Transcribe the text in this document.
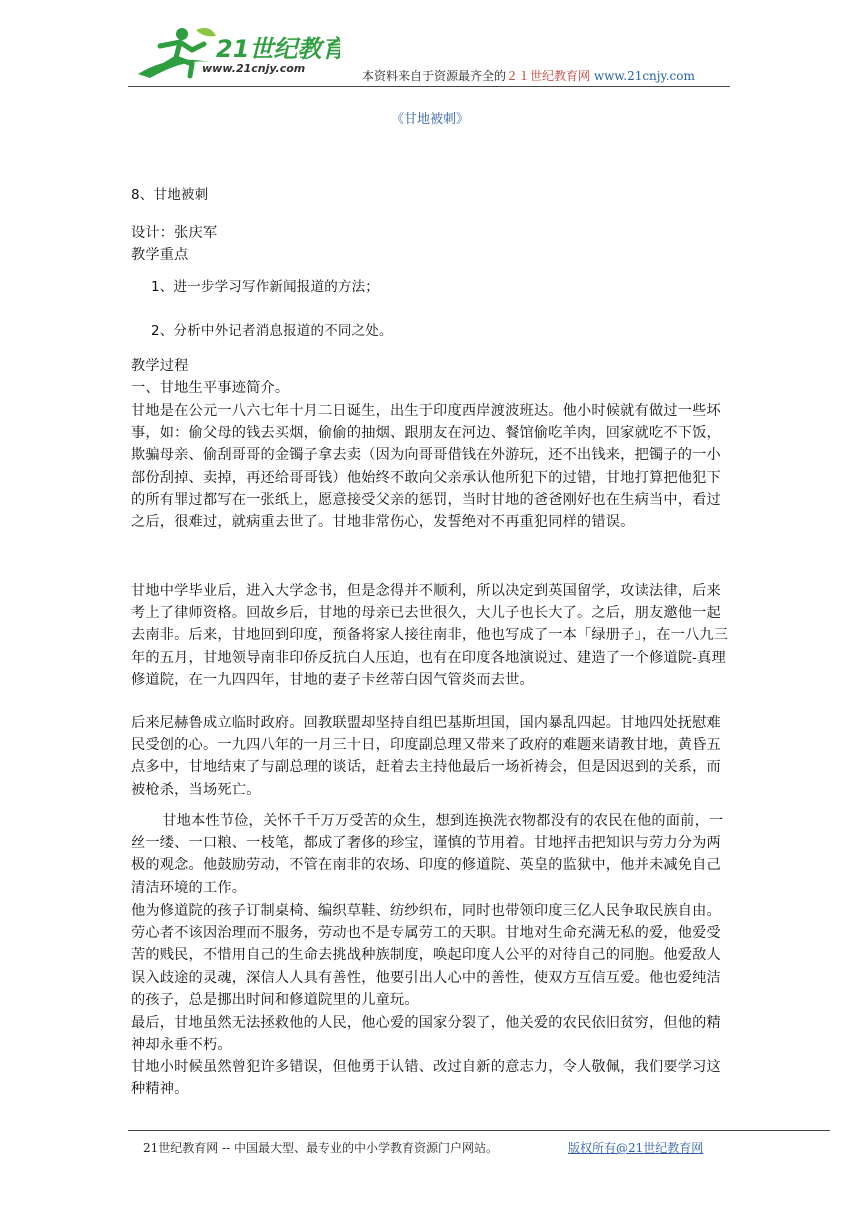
21世纪教育
www.21cnjy.com
本资料来自于资源最齐全的２１世纪教育网 www.21cnjy.com
《甘地被刺》

8、甘地被刺

设计：张庆军

教学重点

1、进一步学习写作新闻报道的方法；

2、分析中外记者消息报道的不同之处。

教学过程

一、甘地生平事迹简介。

甘地是在公元一八六七年十月二日诞生，出生于印度西岸渡波班达。他小时候就有做过一些坏事，如：偷父母的钱去买烟，偷偷的抽烟、跟朋友在河边、餐馆偷吃羊肉，回家就吃不下饭，欺骗母亲、偷刮哥哥的金镯子拿去卖（因为向哥哥借钱在外游玩，还不出钱来，把镯子的一小部份刮掉、卖掉，再还给哥哥钱）他始终不敢向父亲承认他所犯下的过错，甘地打算把他犯下的所有罪过都写在一张纸上，愿意接受父亲的惩罚，当时甘地的爸爸刚好也在生病当中，看过之后，很难过，就病重去世了。甘地非常伤心，发誓绝对不再重犯同样的错误。

甘地中学毕业后，进入大学念书，但是念得并不顺利，所以决定到英国留学，攻读法律，后来考上了律师资格。回故乡后，甘地的母亲已去世很久，大儿子也长大了。之后，朋友邀他一起去南非。后来，甘地回到印度，预备将家人接往南非，他也写成了一本「绿册子」，在一八九三年的五月，甘地领导南非印侨反抗白人压迫，也有在印度各地演说过、建造了一个修道院-真理修道院，在一九四四年，甘地的妻子卡丝蒂白因气管炎而去世。

后来尼赫鲁成立临时政府。回教联盟却坚持自组巴基斯坦国，国内暴乱四起。甘地四处抚慰难民受创的心。一九四八年的一月三十日，印度副总理又带来了政府的难题来请教甘地，黄昏五点多中，甘地结束了与副总理的谈话，赶着去主持他最后一场祈祷会，但是因迟到的关系，而被枪杀，当场死亡。

甘地本性节俭，关怀千千万万受苦的众生，想到连换洗衣物都没有的农民在他的面前，一丝一缕、一口粮、一枝笔，都成了奢侈的珍宝，谨慎的节用着。甘地抨击把知识与劳力分为两极的观念。他鼓励劳动，不管在南非的农场、印度的修道院、英皇的监狱中，他并未减免自己清洁环境的工作。

他为修道院的孩子订制桌椅、编织草鞋、纺纱织布，同时也带领印度三亿人民争取民族自由。劳心者不该因治理而不服务，劳动也不是专属劳工的天职。甘地对生命充满无私的爱，他爱受苦的贱民，不惜用自己的生命去挑战种族制度，唤起印度人公平的对待自己的同胞。他爱敌人误入歧途的灵魂，深信人人具有善性，他要引出人心中的善性，使双方互信互爱。他也爱纯洁的孩子，总是挪出时间和修道院里的儿童玩。

最后，甘地虽然无法拯救他的人民，他心爱的国家分裂了，他关爱的农民依旧贫穷，但他的精神却永垂不朽。

甘地小时候虽然曾犯许多错误，但他勇于认错、改过自新的意志力，令人敬佩，我们要学习这种精神。

21世纪教育网 -- 中国最大型、最专业的中小学教育资源门户网站。	版权所有@21世纪教育网
